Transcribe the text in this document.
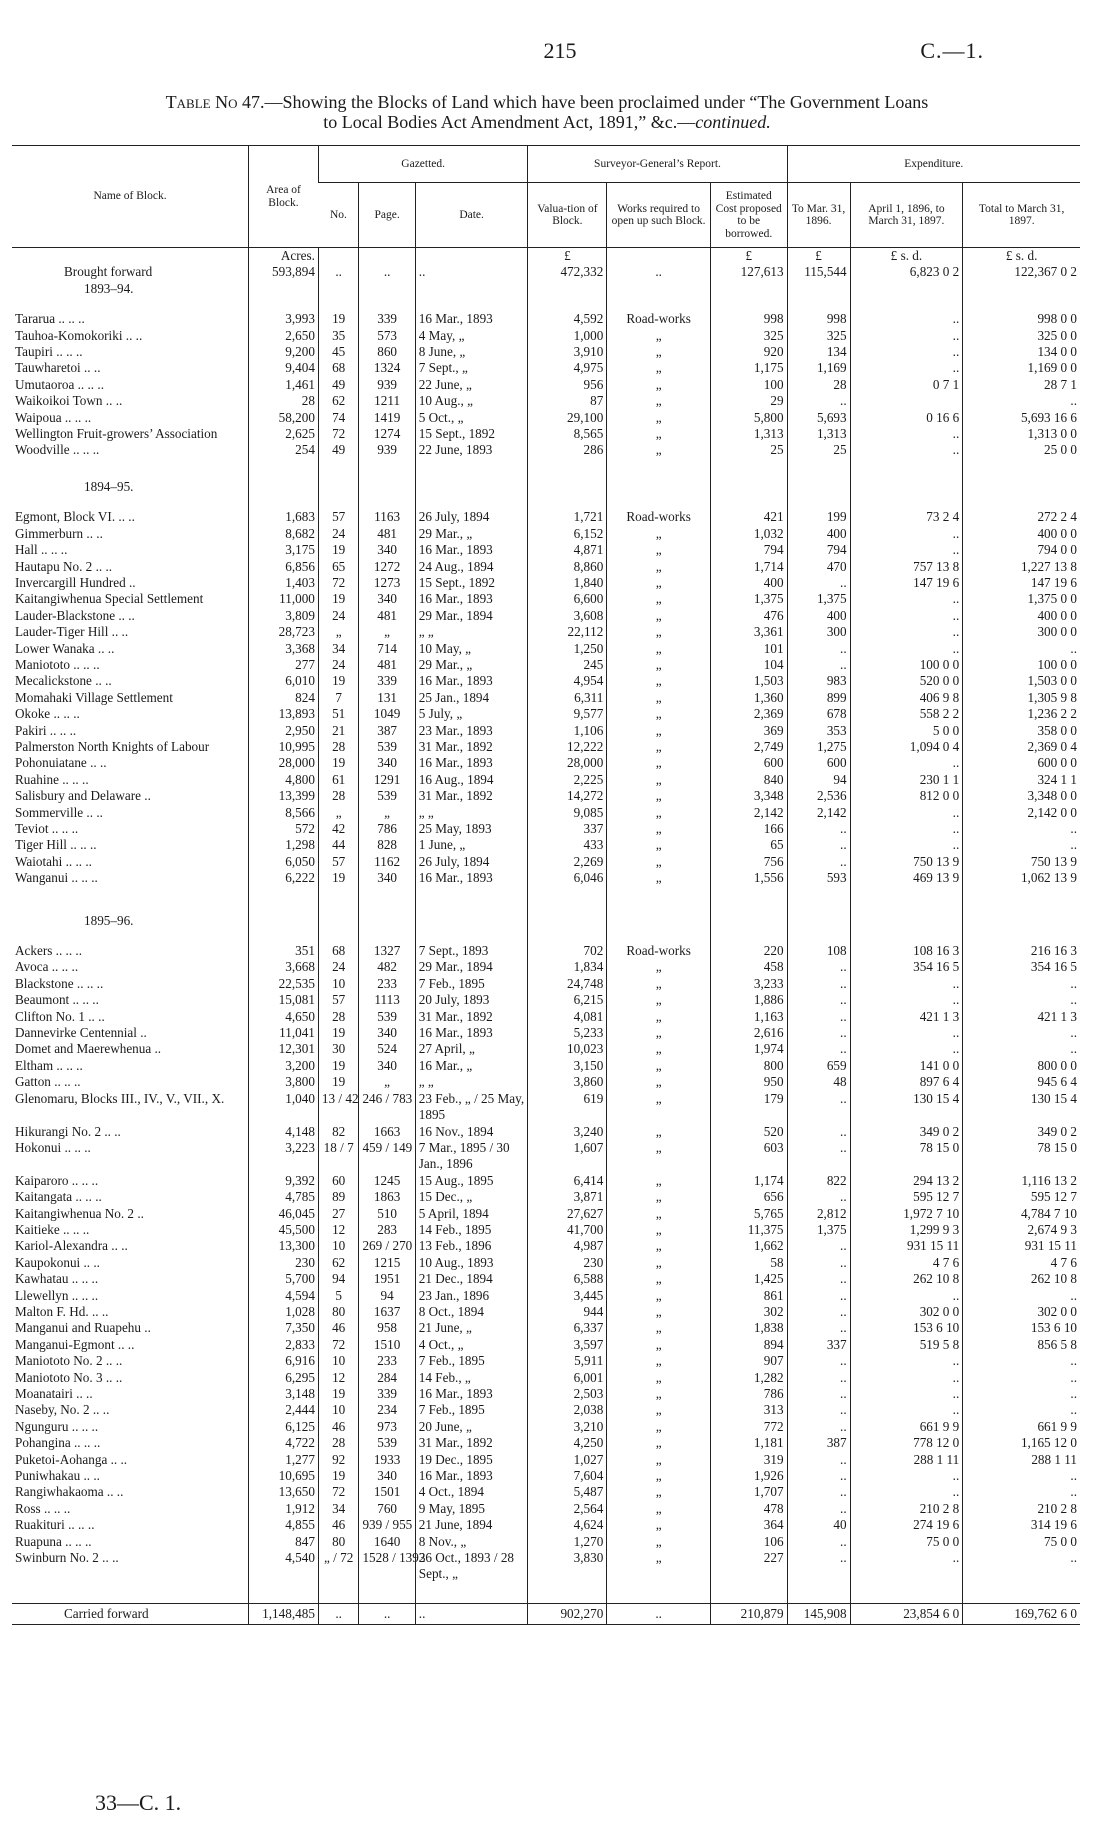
215	C.—1.
Table No 47.—Showing the Blocks of Land which have been proclaimed under “The Government Loans
to Local Bodies Act Amendment Act, 1891,” &c.—continued.
Name of Block.	Area of Block.	Gazetted.			Surveyor-General’s Report.			Expenditure.		
		No.	Page.	Date.	Valua-tion of Block.	Works required to open up such Block.	Estimated Cost proposed to be borrowed.	To Mar. 31, 1896.	April 1, 1896, to March 31, 1897.	Total to March 31, 1897.
	Acres.				£		£	£	£ s. d.	£ s. d.
Brought forward	593,894	..	..	..	472,332	..	127,613	115,544	6,823 0 2	122,367 0 2
1893–94.										

Tararua .. .. ..	3,993	19	339	16 Mar., 1893	4,592	Road-works	998	998	..	998 0 0
Tauhoa-Komokoriki .. ..	2,650	35	573	4 May, „	1,000	„	325	325	..	325 0 0
Taupiri .. .. ..	9,200	45	860	8 June, „	3,910	„	920	134	..	134 0 0
Tauwharetoi .. ..	9,404	68	1324	7 Sept., „	4,975	„	1,175	1,169	..	1,169 0 0
Umutaoroa .. .. ..	1,461	49	939	22 June, „	956	„	100	28	0 7 1	28 7 1
Waikoikoi Town .. ..	28	62	1211	10 Aug., „	87	„	29	..		..
Waipoua .. .. ..	58,200	74	1419	5 Oct., „	29,100	„	5,800	5,693	0 16 6	5,693 16 6
Wellington Fruit-growers’ Association	2,625	72	1274	15 Sept., 1892	8,565	„	1,313	1,313	..	1,313 0 0
Woodville .. .. ..	254	49	939	22 June, 1893	286	„	25	25	..	25 0 0

1894–95.										

Egmont, Block VI. .. ..	1,683	57	1163	26 July, 1894	1,721	Road-works	421	199	73 2 4	272 2 4
Gimmerburn .. ..	8,682	24	481	29 Mar., „	6,152	„	1,032	400	..	400 0 0
Hall .. .. ..	3,175	19	340	16 Mar., 1893	4,871	„	794	794	..	794 0 0
Hautapu No. 2 .. ..	6,856	65	1272	24 Aug., 1894	8,860	„	1,714	470	757 13 8	1,227 13 8
Invercargill Hundred ..	1,403	72	1273	15 Sept., 1892	1,840	„	400	..	147 19 6	147 19 6
Kaitangiwhenua Special Settlement	11,000	19	340	16 Mar., 1893	6,600	„	1,375	1,375	..	1,375 0 0
Lauder-Blackstone .. ..	3,809	24	481	29 Mar., 1894	3,608	„	476	400	..	400 0 0
Lauder-Tiger Hill .. ..	28,723	„	„	„ „	22,112	„	3,361	300	..	300 0 0
Lower Wanaka .. ..	3,368	34	714	10 May, „	1,250	„	101	..	..	..
Maniototo .. .. ..	277	24	481	29 Mar., „	245	„	104	..	100 0 0	100 0 0
Mecalickstone .. ..	6,010	19	339	16 Mar., 1893	4,954	„	1,503	983	520 0 0	1,503 0 0
Momahaki Village Settlement	824	7	131	25 Jan., 1894	6,311	„	1,360	899	406 9 8	1,305 9 8
Okoke .. .. ..	13,893	51	1049	5 July, „	9,577	„	2,369	678	558 2 2	1,236 2 2
Pakiri .. .. ..	2,950	21	387	23 Mar., 1893	1,106	„	369	353	5 0 0	358 0 0
Palmerston North Knights of Labour	10,995	28	539	31 Mar., 1892	12,222	„	2,749	1,275	1,094 0 4	2,369 0 4
Pohonuiatane .. ..	28,000	19	340	16 Mar., 1893	28,000	„	600	600	..	600 0 0
Ruahine .. .. ..	4,800	61	1291	16 Aug., 1894	2,225	„	840	94	230 1 1	324 1 1
Salisbury and Delaware ..	13,399	28	539	31 Mar., 1892	14,272	„	3,348	2,536	812 0 0	3,348 0 0
Sommerville .. ..	8,566	„	„	„ „	9,085	„	2,142	2,142	..	2,142 0 0
Teviot .. .. ..	572	42	786	25 May, 1893	337	„	166	..	..	..
Tiger Hill .. .. ..	1,298	44	828	1 June, „	433	„	65	..	..	..
Waiotahi .. .. ..	6,050	57	1162	26 July, 1894	2,269	„	756	..	750 13 9	750 13 9
Wanganui .. .. ..	6,222	19	340	16 Mar., 1893	6,046	„	1,556	593	469 13 9	1,062 13 9

1895–96.										

Ackers .. .. ..	351	68	1327	7 Sept., 1893	702	Road-works	220	108	108 16 3	216 16 3
Avoca .. .. ..	3,668	24	482	29 Mar., 1894	1,834	„	458	..	354 16 5	354 16 5
Blackstone .. .. ..	22,535	10	233	7 Feb., 1895	24,748	„	3,233	..	..	..
Beaumont .. .. ..	15,081	57	1113	20 July, 1893	6,215	„	1,886	..	..	..
Clifton No. 1 .. ..	4,650	28	539	31 Mar., 1892	4,081	„	1,163	..	421 1 3	421 1 3
Dannevirke Centennial ..	11,041	19	340	16 Mar., 1893	5,233	„	2,616	..	..	..
Domet and Maerewhenua ..	12,301	30	524	27 April, „	10,023	„	1,974	..	..	..
Eltham .. .. ..	3,200	19	340	16 Mar., „	3,150	„	800	659	141 0 0	800 0 0
Gatton .. .. ..	3,800	19	„	„ „	3,860	„	950	48	897 6 4	945 6 4
Glenomaru, Blocks III., IV., V., VII., X.	1,040	13 / 42	246 / 783	23 Feb., „ / 25 May, 1895	619	„	179	..	130 15 4	130 15 4
Hikurangi No. 2 .. ..	4,148	82	1663	16 Nov., 1894	3,240	„	520	..	349 0 2	349 0 2
Hokonui .. .. ..	3,223	18 / 7	459 / 149	7 Mar., 1895 / 30 Jan., 1896	1,607	„	603	..	78 15 0	78 15 0
Kaiparoro .. .. ..	9,392	60	1245	15 Aug., 1895	6,414	„	1,174	822	294 13 2	1,116 13 2
Kaitangata .. .. ..	4,785	89	1863	15 Dec., „	3,871	„	656	..	595 12 7	595 12 7
Kaitangiwhenua No. 2 ..	46,045	27	510	5 April, 1894	27,627	„	5,765	2,812	1,972 7 10	4,784 7 10
Kaitieke .. .. ..	45,500	12	283	14 Feb., 1895	41,700	„	11,375	1,375	1,299 9 3	2,674 9 3
Kariol-Alexandra .. ..	13,300	10	269 / 270	13 Feb., 1896	4,987	„	1,662	..	931 15 11	931 15 11
Kaupokonui .. ..	230	62	1215	10 Aug., 1893	230	„	58	..	4 7 6	4 7 6
Kawhatau .. .. ..	5,700	94	1951	21 Dec., 1894	6,588	„	1,425	..	262 10 8	262 10 8
Llewellyn .. .. ..	4,594	5	94	23 Jan., 1896	3,445	„	861	..	..	..
Malton F. Hd. .. ..	1,028	80	1637	8 Oct., 1894	944	„	302	..	302 0 0	302 0 0
Manganui and Ruapehu ..	7,350	46	958	21 June, „	6,337	„	1,838	..	153 6 10	153 6 10
Manganui-Egmont .. ..	2,833	72	1510	4 Oct., „	3,597	„	894	337	519 5 8	856 5 8
Maniototo No. 2 .. ..	6,916	10	233	7 Feb., 1895	5,911	„	907	..	..	..
Maniototo No. 3 .. ..	6,295	12	284	14 Feb., „	6,001	„	1,282	..	..	..
Moanatairi .. ..	3,148	19	339	16 Mar., 1893	2,503	„	786	..	..	..
Naseby, No. 2 .. ..	2,444	10	234	7 Feb., 1895	2,038	„	313	..	..	..
Ngunguru .. .. ..	6,125	46	973	20 June, „	3,210	„	772	..	661 9 9	661 9 9
Pohangina .. .. ..	4,722	28	539	31 Mar., 1892	4,250	„	1,181	387	778 12 0	1,165 12 0
Puketoi-Aohanga .. ..	1,277	92	1933	19 Dec., 1895	1,027	„	319	..	288 1 11	288 1 11
Puniwhakau .. ..	10,695	19	340	16 Mar., 1893	7,604	„	1,926	..	..	..
Rangiwhakaoma .. ..	13,650	72	1501	4 Oct., 1894	5,487	„	1,707	..	..	..
Ross .. .. ..	1,912	34	760	9 May, 1895	2,564	„	478	..	210 2 8	210 2 8
Ruakituri .. .. ..	4,855	46	939 / 955	21 June, 1894	4,624	„	364	40	274 19 6	314 19 6
Ruapuna .. .. ..	847	80	1640	8 Nov., „	1,270	„	106	..	75 0 0	75 0 0
Swinburn No. 2 .. ..	4,540	„ / 72	1528 / 1393	26 Oct., 1893 / 28 Sept., „	3,830	„	227	..	..	..

Carried forward	1,148,485	..	..	..	902,270	..	210,879	145,908	23,854 6 0	169,762 6 0
33—C. 1.
